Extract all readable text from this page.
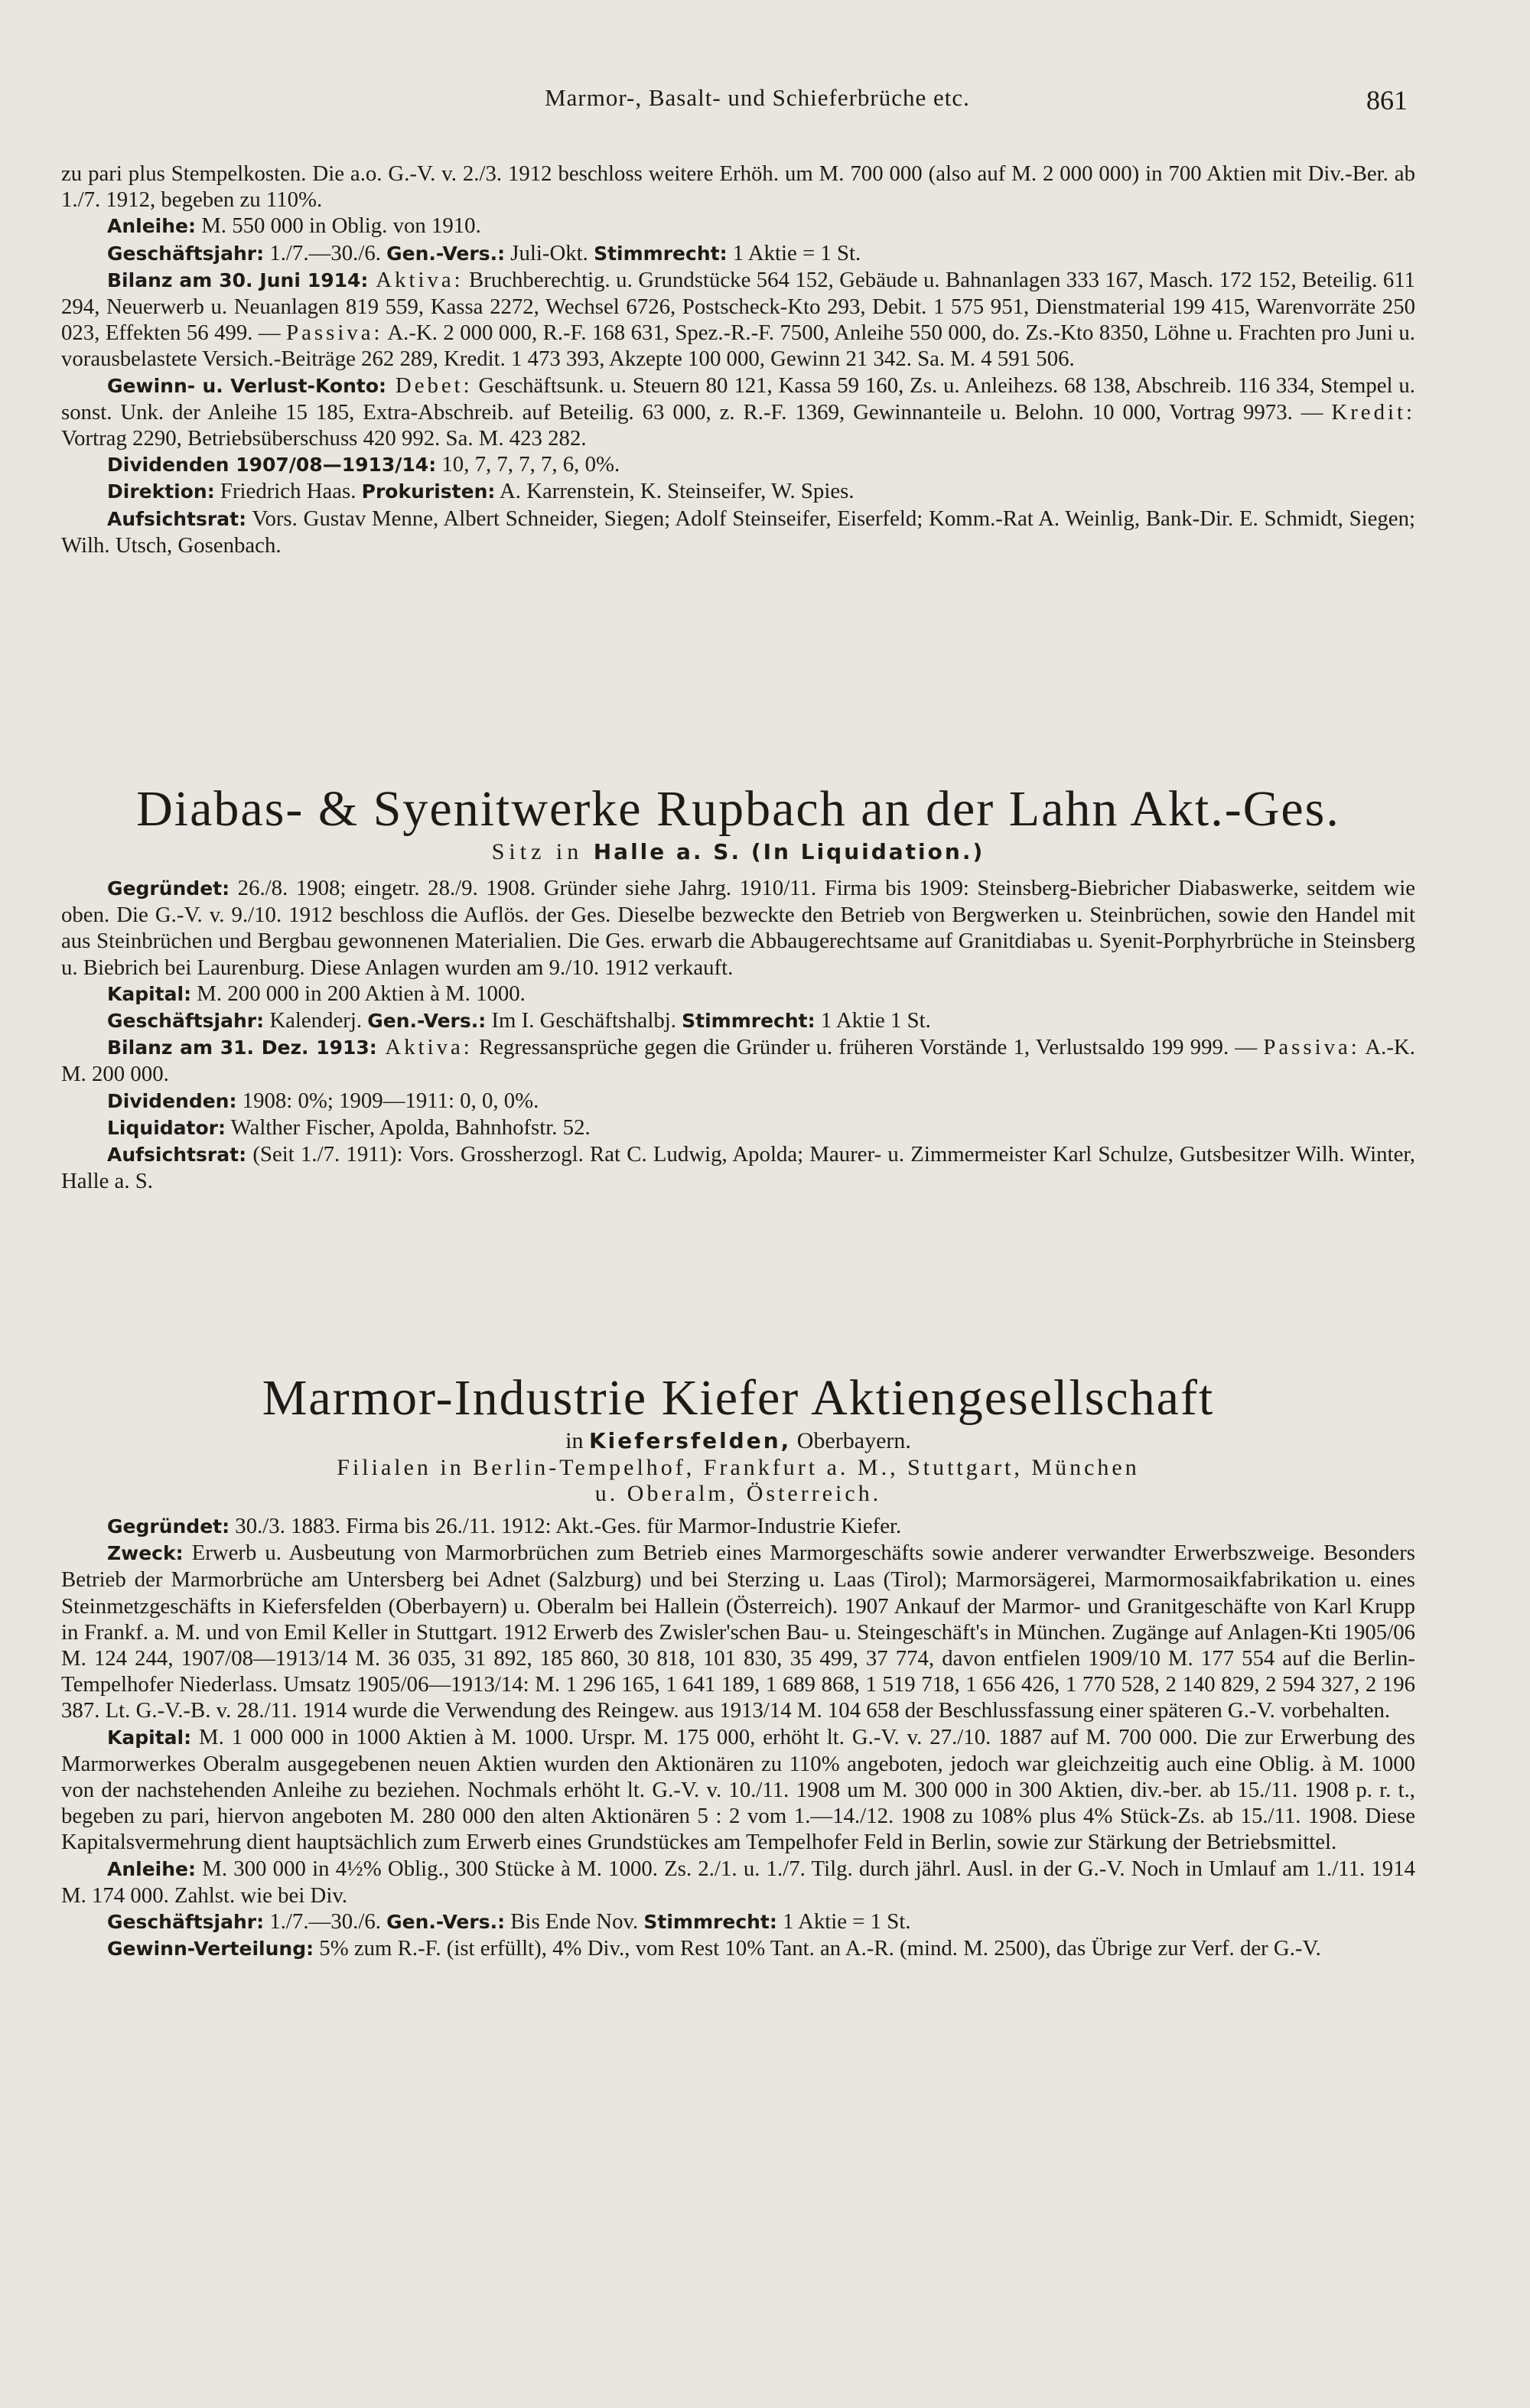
Marmor-, Basalt- und Schieferbrüche etc.	861

zu pari plus Stempelkosten. Die a.o. G.-V. v. 2./3. 1912 beschloss weitere Erhöh. um M. 700 000 (also auf M. 2 000 000) in 700 Aktien mit Div.-Ber. ab 1./7. 1912, begeben zu 110%.

Anleihe: M. 550 000 in Oblig. von 1910.

Geschäftsjahr: 1./7.—30./6. Gen.-Vers.: Juli-Okt. Stimmrecht: 1 Aktie = 1 St.

Bilanz am 30. Juni 1914: Aktiva: Bruchberechtig. u. Grundstücke 564 152, Gebäude u. Bahnanlagen 333 167, Masch. 172 152, Beteilig. 611 294, Neuerwerb u. Neuanlagen 819 559, Kassa 2272, Wechsel 6726, Postscheck-Kto 293, Debit. 1 575 951, Dienstmaterial 199 415, Warenvorräte 250 023, Effekten 56 499. — Passiva: A.-K. 2 000 000, R.-F. 168 631, Spez.-R.-F. 7500, Anleihe 550 000, do. Zs.-Kto 8350, Löhne u. Frachten pro Juni u. vorausbelastete Versich.-Beiträge 262 289, Kredit. 1 473 393, Akzepte 100 000, Gewinn 21 342. Sa. M. 4 591 506.

Gewinn- u. Verlust-Konto: Debet: Geschäftsunk. u. Steuern 80 121, Kassa 59 160, Zs. u. Anleihezs. 68 138, Abschreib. 116 334, Stempel u. sonst. Unk. der Anleihe 15 185, Extra-Abschreib. auf Beteilig. 63 000, z. R.-F. 1369, Gewinnanteile u. Belohn. 10 000, Vortrag 9973. — Kredit: Vortrag 2290, Betriebsüberschuss 420 992. Sa. M. 423 282.

Dividenden 1907/08—1913/14: 10, 7, 7, 7, 7, 6, 0%.

Direktion: Friedrich Haas. Prokuristen: A. Karrenstein, K. Steinseifer, W. Spies.

Aufsichtsrat: Vors. Gustav Menne, Albert Schneider, Siegen; Adolf Steinseifer, Eiserfeld; Komm.-Rat A. Weinlig, Bank-Dir. E. Schmidt, Siegen; Wilh. Utsch, Gosenbach.

Diabas- & Syenitwerke Rupbach an der Lahn Akt.-Ges.

Sitz in Halle a. S. (In Liquidation.)

Gegründet: 26./8. 1908; eingetr. 28./9. 1908. Gründer siehe Jahrg. 1910/11. Firma bis 1909: Steinsberg-Biebricher Diabaswerke, seitdem wie oben. Die G.-V. v. 9./10. 1912 beschloss die Auflös. der Ges. Dieselbe bezweckte den Betrieb von Bergwerken u. Steinbrüchen, sowie den Handel mit aus Steinbrüchen und Bergbau gewonnenen Materialien. Die Ges. erwarb die Abbaugerechtsame auf Granitdiabas u. Syenit-Porphyrbrüche in Steinsberg u. Biebrich bei Laurenburg. Diese Anlagen wurden am 9./10. 1912 verkauft.

Kapital: M. 200 000 in 200 Aktien à M. 1000.

Geschäftsjahr: Kalenderj. Gen.-Vers.: Im I. Geschäftshalbj. Stimmrecht: 1 Aktie 1 St.

Bilanz am 31. Dez. 1913: Aktiva: Regressansprüche gegen die Gründer u. früheren Vorstände 1, Verlustsaldo 199 999. — Passiva: A.-K. M. 200 000.

Dividenden: 1908: 0%; 1909—1911: 0, 0, 0%.

Liquidator: Walther Fischer, Apolda, Bahnhofstr. 52.

Aufsichtsrat: (Seit 1./7. 1911): Vors. Grossherzogl. Rat C. Ludwig, Apolda; Maurer- u. Zimmermeister Karl Schulze, Gutsbesitzer Wilh. Winter, Halle a. S.

Marmor-Industrie Kiefer Aktiengesellschaft

in Kiefersfelden, Oberbayern.

Filialen in Berlin-Tempelhof, Frankfurt a. M., Stuttgart, München

u. Oberalm, Österreich.

Gegründet: 30./3. 1883. Firma bis 26./11. 1912: Akt.-Ges. für Marmor-Industrie Kiefer.

Zweck: Erwerb u. Ausbeutung von Marmorbrüchen zum Betrieb eines Marmorgeschäfts sowie anderer verwandter Erwerbszweige. Besonders Betrieb der Marmorbrüche am Untersberg bei Adnet (Salzburg) und bei Sterzing u. Laas (Tirol); Marmorsägerei, Marmormosaikfabrikation u. eines Steinmetzgeschäfts in Kiefersfelden (Oberbayern) u. Oberalm bei Hallein (Österreich). 1907 Ankauf der Marmor- und Granitgeschäfte von Karl Krupp in Frankf. a. M. und von Emil Keller in Stuttgart. 1912 Erwerb des Zwisler'schen Bau- u. Steingeschäft's in München. Zugänge auf Anlagen-Kti 1905/06 M. 124 244, 1907/08—1913/14 M. 36 035, 31 892, 185 860, 30 818, 101 830, 35 499, 37 774, davon entfielen 1909/10 M. 177 554 auf die Berlin-Tempelhofer Niederlass. Umsatz 1905/06—1913/14: M. 1 296 165, 1 641 189, 1 689 868, 1 519 718, 1 656 426, 1 770 528, 2 140 829, 2 594 327, 2 196 387. Lt. G.-V.-B. v. 28./11. 1914 wurde die Verwendung des Reingew. aus 1913/14 M. 104 658 der Beschlussfassung einer späteren G.-V. vorbehalten.

Kapital: M. 1 000 000 in 1000 Aktien à M. 1000. Urspr. M. 175 000, erhöht lt. G.-V. v. 27./10. 1887 auf M. 700 000. Die zur Erwerbung des Marmorwerkes Oberalm ausgegebenen neuen Aktien wurden den Aktionären zu 110% angeboten, jedoch war gleichzeitig auch eine Oblig. à M. 1000 von der nachstehenden Anleihe zu beziehen. Nochmals erhöht lt. G.-V. v. 10./11. 1908 um M. 300 000 in 300 Aktien, div.-ber. ab 15./11. 1908 p. r. t., begeben zu pari, hiervon angeboten M. 280 000 den alten Aktionären 5 : 2 vom 1.—14./12. 1908 zu 108% plus 4% Stück-Zs. ab 15./11. 1908. Diese Kapitalsvermehrung dient hauptsächlich zum Erwerb eines Grundstückes am Tempelhofer Feld in Berlin, sowie zur Stärkung der Betriebsmittel.

Anleihe: M. 300 000 in 4½% Oblig., 300 Stücke à M. 1000. Zs. 2./1. u. 1./7. Tilg. durch jährl. Ausl. in der G.-V. Noch in Umlauf am 1./11. 1914 M. 174 000. Zahlst. wie bei Div.

Geschäftsjahr: 1./7.—30./6. Gen.-Vers.: Bis Ende Nov. Stimmrecht: 1 Aktie = 1 St.

Gewinn-Verteilung: 5% zum R.-F. (ist erfüllt), 4% Div., vom Rest 10% Tant. an A.-R. (mind. M. 2500), das Übrige zur Verf. der G.-V.
